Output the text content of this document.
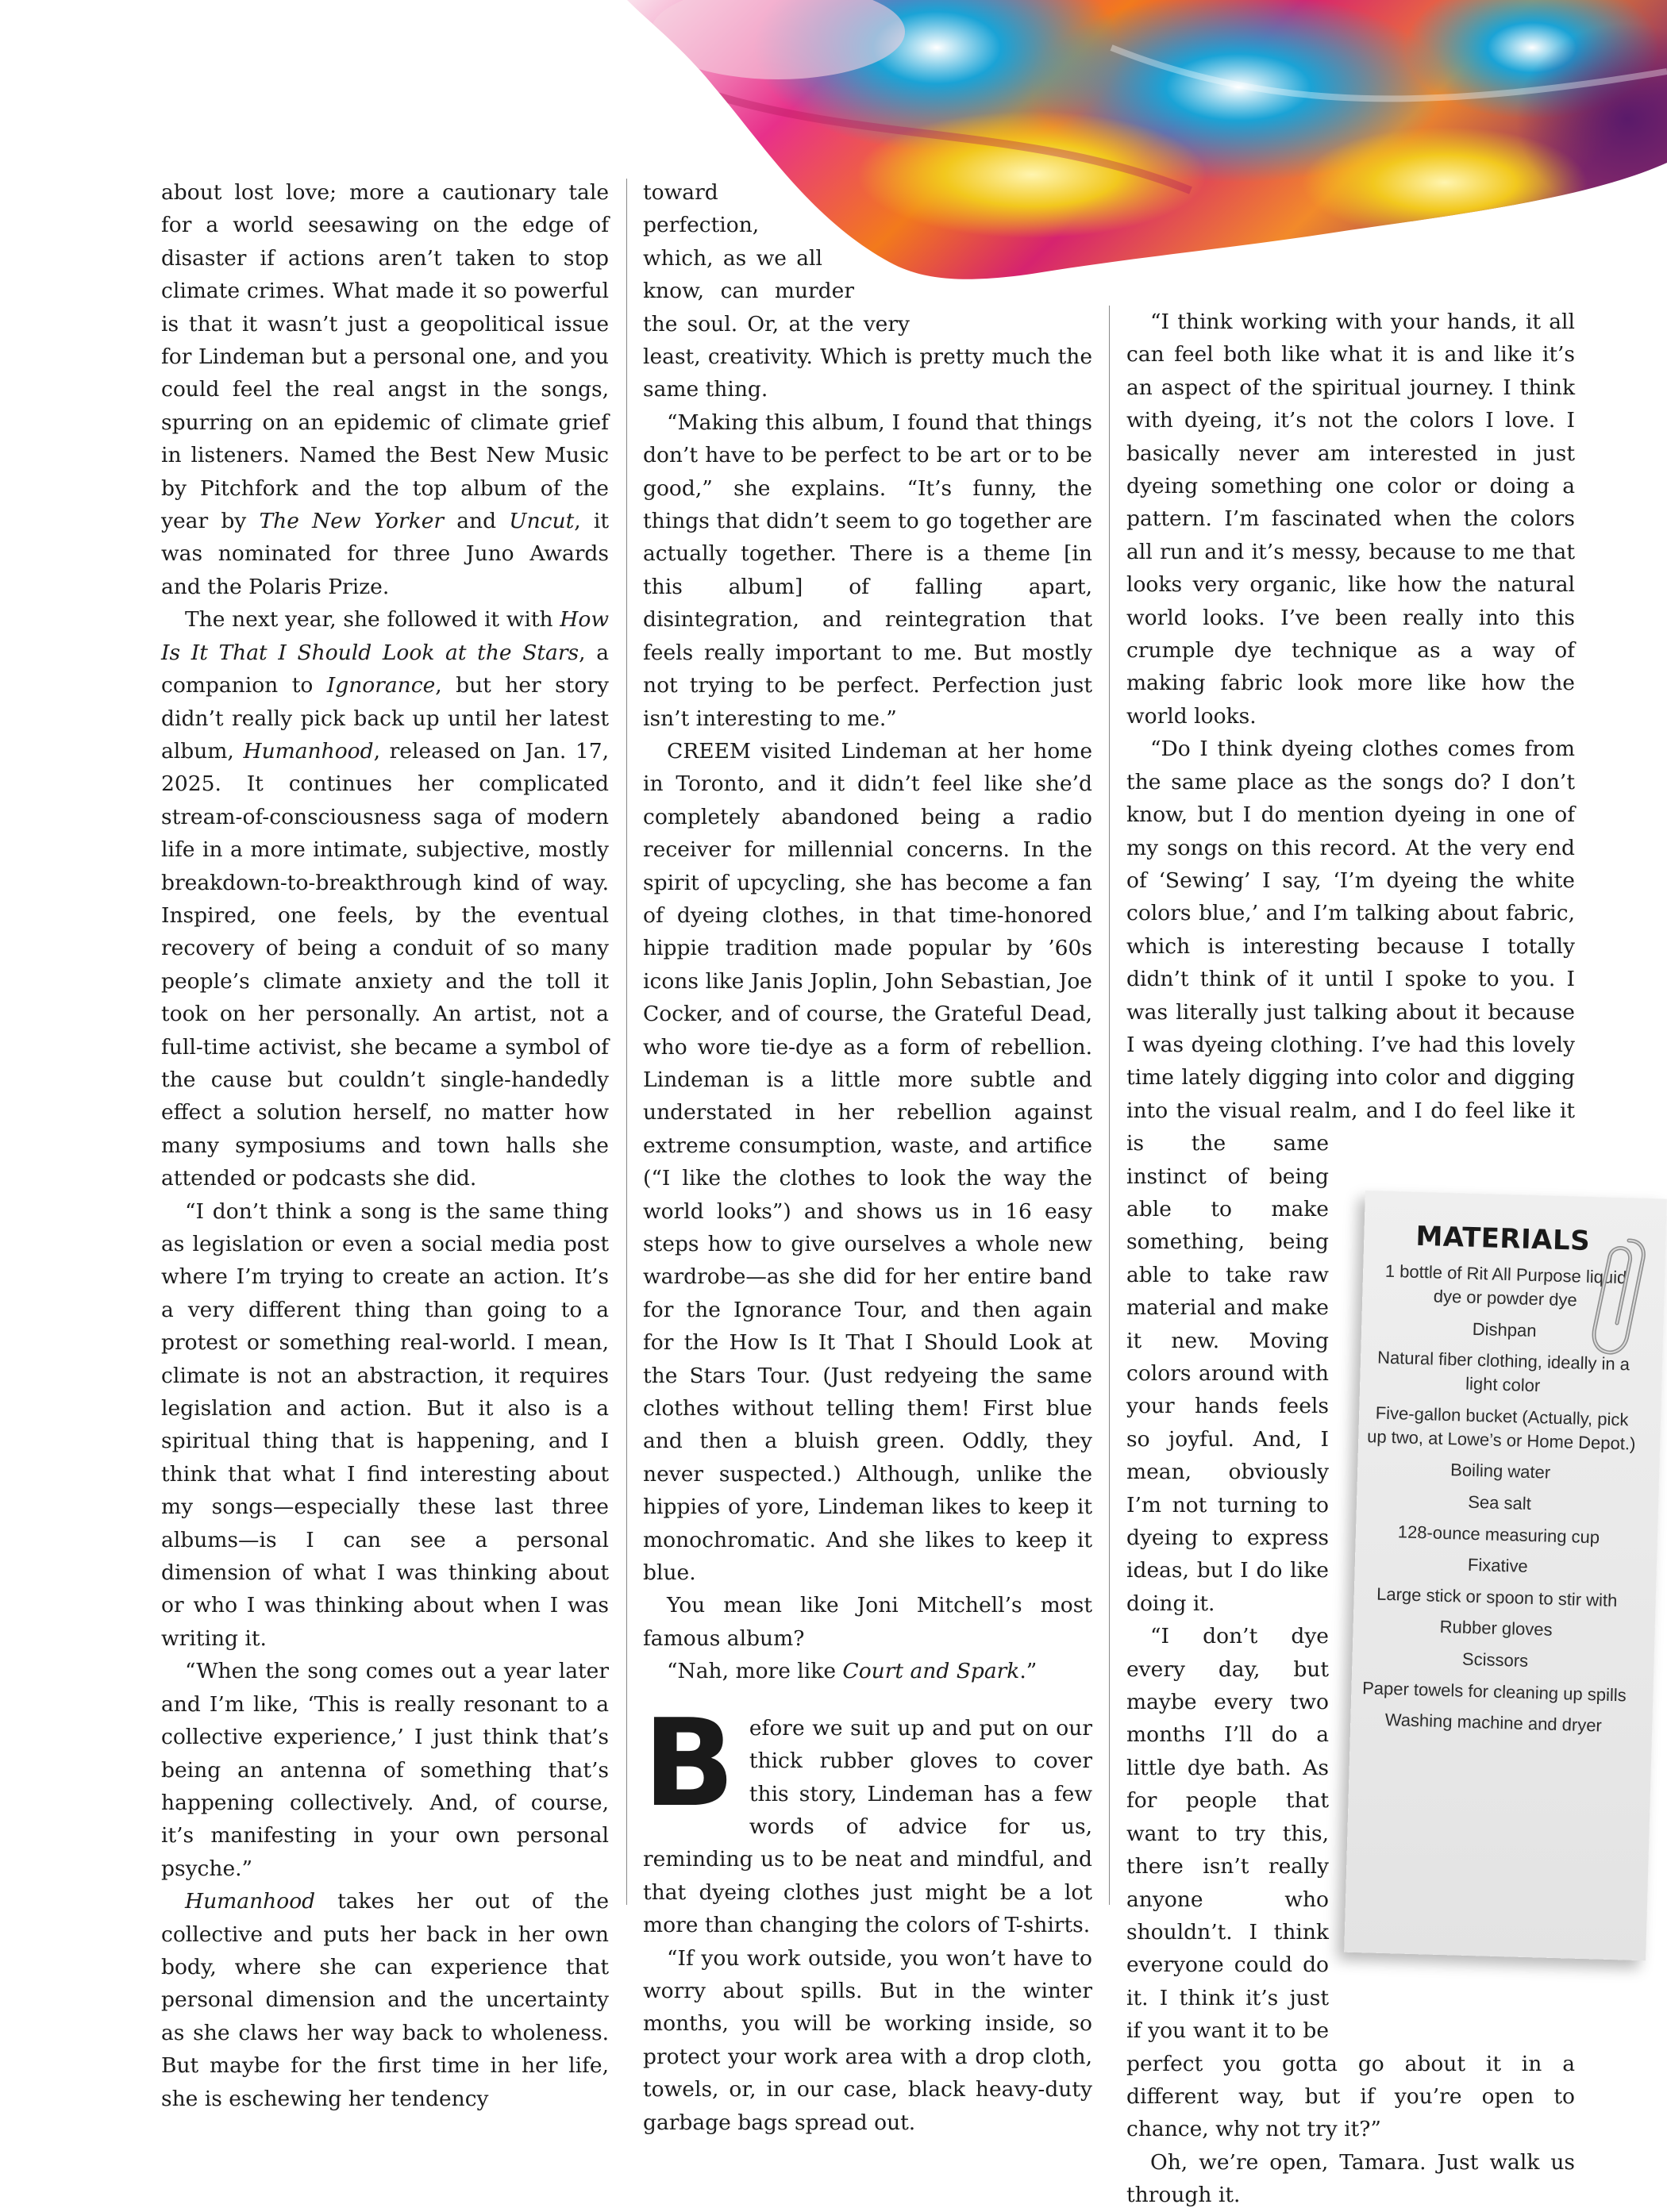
about lost love; more a cautionary tale for a world seesawing on the edge of disaster if actions aren’t taken to stop climate crimes. What made it so powerful is that it wasn’t just a geopolitical issue for Lindeman but a personal one, and you could feel the real angst in the songs, spurring on an epidemic of climate grief in listeners. Named the Best New Music by Pitchfork and the top album of the year by The New Yorker and Uncut, it was nominated for three Juno Awards and the Polaris Prize.

The next year, she followed it with How Is It That I Should Look at the Stars, a companion to Ignorance, but her story didn’t really pick back up until her latest album, Humanhood, released on Jan. 17, 2025. It continues her complicated stream-of-consciousness saga of modern life in a more intimate, subjective, mostly breakdown-to-breakthrough kind of way. Inspired, one feels, by the eventual recovery of being a conduit of so many people’s climate anxiety and the toll it took on her personally. An artist, not a full-time activist, she became a symbol of the cause but couldn’t single-handedly effect a solution herself, no matter how many symposiums and town halls she attended or podcasts she did.

“I don’t think a song is the same thing as legislation or even a social media post where I’m trying to create an action. It’s a very different thing than going to a protest or something real-world. I mean, climate is not an abstraction, it requires legislation and action. But it also is a spiritual thing that is happening, and I think that what I find interesting about my songs—especially these last three albums—is I can see a personal dimension of what I was thinking about or who I was thinking about when I was writing it.

“When the song comes out a year later and I’m like, ‘This is really resonant to a collective experience,’ I just think that’s being an antenna of something that’s happening collectively. And, of course, it’s manifesting in your own personal psyche.”

Humanhood takes her out of the collective and puts her back in her own body, where she can experience that personal dimension and the uncertainty as she claws her way back to wholeness. But maybe for the first time in her life, she is eschewing her tendency

toward perfection, which, as we all know, can murder the soul. Or, at the very least, creativity. Which is pretty much the same thing.

“Making this album, I found that things don’t have to be perfect to be art or to be good,” she explains. “It’s funny, the things that didn’t seem to go together are actually together. There is a theme [in this album] of falling apart, disintegration, and reintegration that feels really important to me. But mostly not trying to be perfect. Perfection just isn’t interesting to me.”

CREEM visited Lindeman at her home in Toronto, and it didn’t feel like she’d completely abandoned being a radio receiver for millennial concerns. In the spirit of upcycling, she has become a fan of dyeing clothes, in that time-honored hippie tradition made popular by ’60s icons like Janis Joplin, John Sebastian, Joe Cocker, and of course, the Grateful Dead, who wore tie-dye as a form of rebellion. Lindeman is a little more subtle and understated in her rebellion against extreme consumption, waste, and artifice (“I like the clothes to look the way the world looks”) and shows us in 16 easy steps how to give ourselves a whole new wardrobe—as she did for her entire band for the Ignorance Tour, and then again for the How Is It That I Should Look at the Stars Tour. (Just redyeing the same clothes without telling them! First blue and then a bluish green. Oddly, they never suspected.) Although, unlike the hippies of yore, Lindeman likes to keep it monochromatic. And she likes to keep it blue.

You mean like Joni Mitchell’s most famous album?

“Nah, more like Court and Spark.”

Before we suit up and put on our thick rubber gloves to cover this story, Lindeman has a few words of advice for us, reminding us to be neat and mindful, and that dyeing clothes just might be a lot more than changing the colors of T-shirts.

“If you work outside, you won’t have to worry about spills. But in the winter months, you will be working inside, so protect your work area with a drop cloth, towels, or, in our case, black heavy-duty garbage bags spread out.

“I think working with your hands, it all can feel both like what it is and like it’s an aspect of the spiritual journey. I think with dyeing, it’s not the colors I love. I basically never am interested in just dyeing something one color or doing a pattern. I’m fascinated when the colors all run and it’s messy, because to me that looks very organic, like how the natural world looks. I’ve been really into this crumple dye technique as a way of making fabric look more like how the world looks.

“Do I think dyeing clothes comes from the same place as the songs do? I don’t know, but I do mention dyeing in one of my songs on this record. At the very end of ‘Sewing’ I say, ‘I’m dyeing the white colors blue,’ and I’m talking about fabric, which is interesting because I totally didn’t think of it until I spoke to you. I was literally just talking about it because I was dyeing clothing. I’ve had this lovely time lately digging into color and digging into the visual realm, and I do feel like it is the same instinct of being able to make something, being able to take raw material and make it new. Moving colors around with your hands feels so joyful. And, I mean, obviously I’m not turning to dyeing to express ideas, but I do like doing it.

“I don’t dye every day, but maybe every two months I’ll do a little dye bath. As for people that want to try this, there isn’t really anyone who shouldn’t. I think everyone could do it. I think it’s just if you want it to be perfect you gotta go about it in a different way, but if you’re open to chance, why not try it?”

Oh, we’re open, Tamara. Just walk us through it.

MATERIALS
1 bottle of Rit All Purpose liquid dye or powder dye
Dishpan
Natural fiber clothing, ideally in a light color
Five-gallon bucket (Actually, pick up two, at Lowe’s or Home Depot.)
Boiling water
Sea salt
128-ounce measuring cup
Fixative
Large stick or spoon to stir with
Rubber gloves
Scissors
Paper towels for cleaning up spills
Washing machine and dryer
